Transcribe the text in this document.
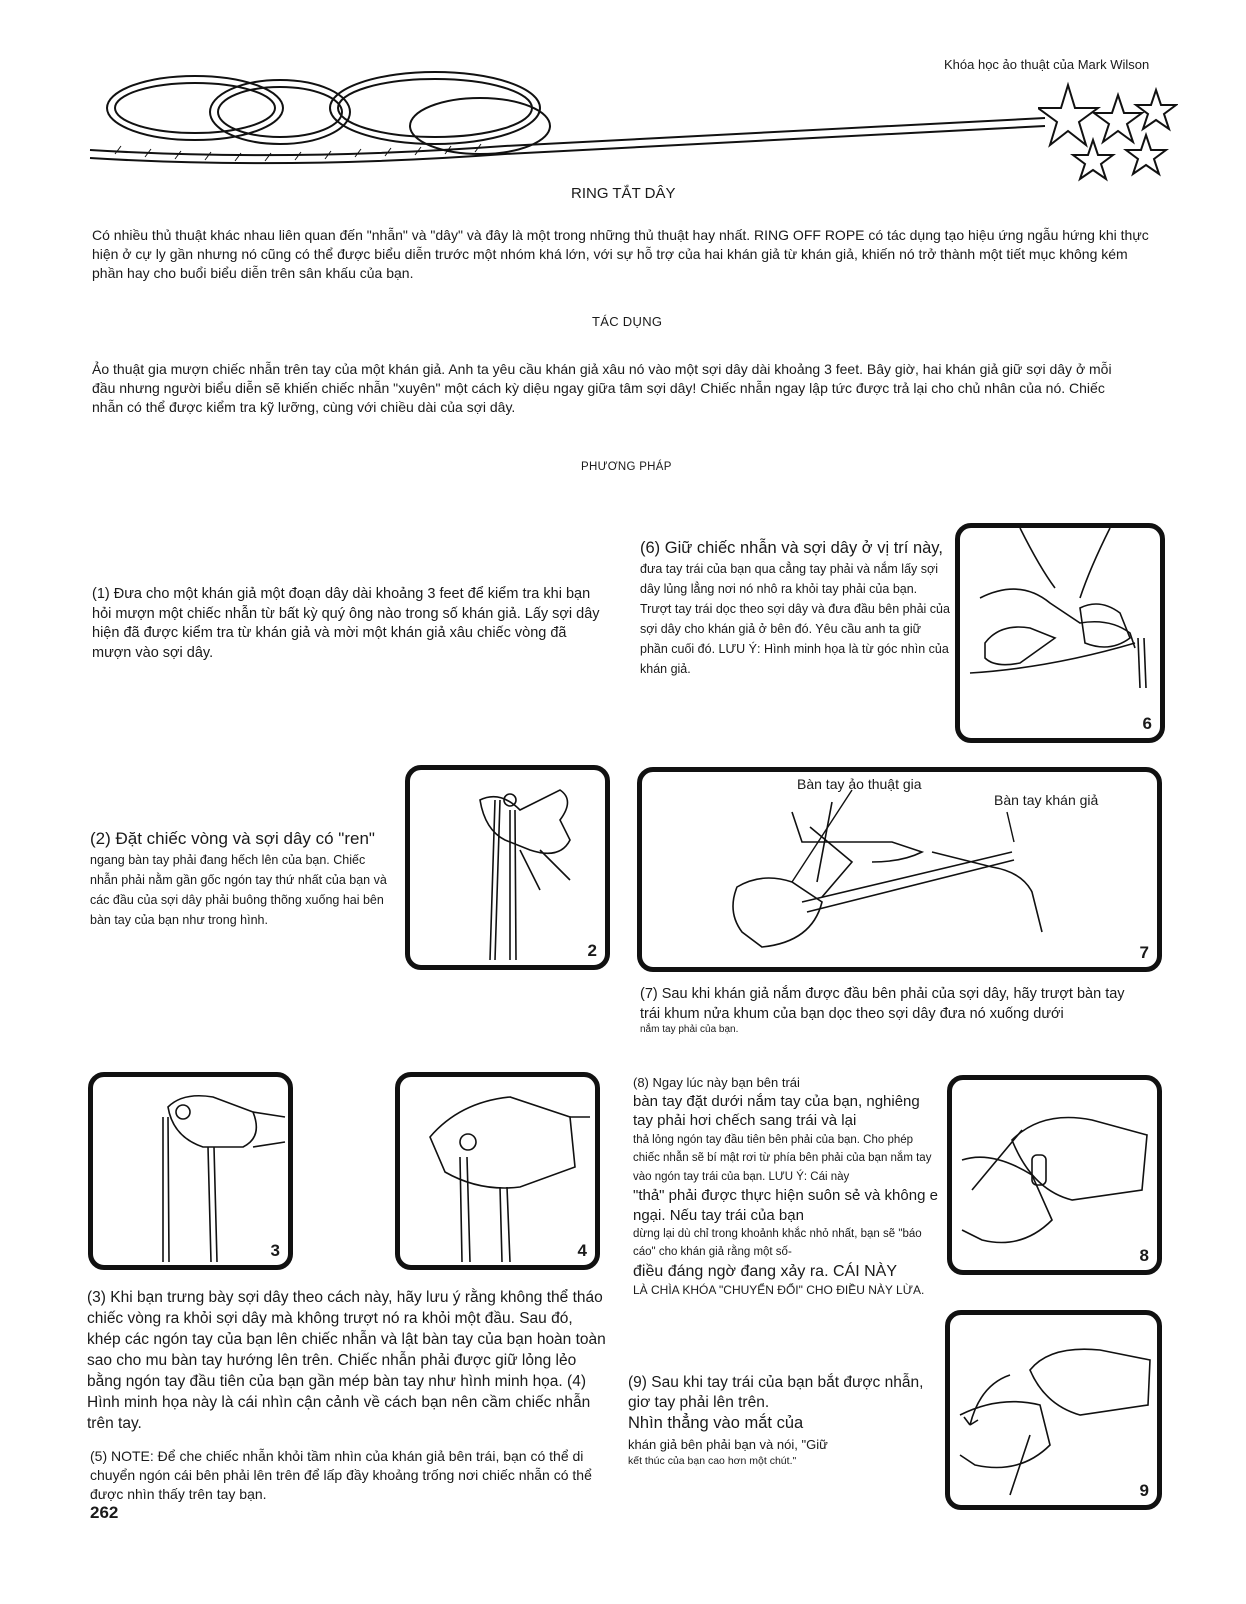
Khóa học ảo thuật của Mark Wilson
RING TẮT DÂY

Có nhiều thủ thuật khác nhau liên quan đến "nhẫn" và "dây" và đây là một trong những thủ thuật hay nhất. RING OFF ROPE có tác dụng tạo hiệu ứng ngẫu hứng khi thực hiện ở cự ly gần nhưng nó cũng có thể được biểu diễn trước một nhóm khá lớn, với sự hỗ trợ của hai khán giả từ khán giả, khiến nó trở thành một tiết mục không kém phần hay cho buổi biểu diễn trên sân khấu của bạn.

TÁC DỤNG

Ảo thuật gia mượn chiếc nhẫn trên tay của một khán giả. Anh ta yêu cầu khán giả xâu nó vào một sợi dây dài khoảng 3 feet. Bây giờ, hai khán giả giữ sợi dây ở mỗi đầu nhưng người biểu diễn sẽ khiến chiếc nhẫn "xuyên" một cách kỳ diệu ngay giữa tâm sợi dây! Chiếc nhẫn ngay lập tức được trả lại cho chủ nhân của nó. Chiếc nhẫn có thể được kiểm tra kỹ lưỡng, cùng với chiều dài của sợi dây.

PHƯƠNG PHÁP

(1) Đưa cho một khán giả một đoạn dây dài khoảng 3 feet để kiểm tra khi bạn hỏi mượn một chiếc nhẫn từ bất kỳ quý ông nào trong số khán giả. Lấy sợi dây hiện đã được kiểm tra từ khán giả và mời một khán giả xâu chiếc vòng đã mượn vào sợi dây.

(6) Giữ chiếc nhẫn và sợi dây ở vị trí này,
đưa tay trái của bạn qua cẳng tay phải và nắm lấy sợi dây lủng lẳng nơi nó nhô ra khỏi tay phải của bạn. Trượt tay trái dọc theo sợi dây và đưa đầu bên phải của sợi dây cho khán giả ở bên đó. Yêu cầu anh ta giữ phần cuối đó. LƯU Ý: Hình minh họa là từ góc nhìn của khán giả.
6
2
(2) Đặt chiếc vòng và sợi dây có "ren"
ngang bàn tay phải đang hếch lên của bạn. Chiếc nhẫn phải nằm gần gốc ngón tay thứ nhất của bạn và các đầu của sợi dây phải buông thõng xuống hai bên bàn tay của bạn như trong hình.
Bàn tay ảo thuật gia
Bàn tay khán giả
7
(7) Sau khi khán giả nắm được đầu bên phải của sợi dây, hãy trượt bàn tay trái khum nửa khum của bạn dọc theo sợi dây đưa nó xuống dưới
nắm tay phải của bạn.
3	4
(8) Ngay lúc này bạn bên trái
bàn tay đặt dưới nắm tay của bạn, nghiêng tay phải hơi chếch sang trái và lại
thả lỏng ngón tay đầu tiên bên phải của bạn. Cho phép chiếc nhẫn sẽ bí mật rơi từ phía bên phải của bạn nắm tay vào ngón tay trái của bạn. LƯU Ý: Cái này
"thả" phải được thực hiện suôn sẻ và không e ngại. Nếu tay trái của bạn
dừng lại dù chỉ trong khoảnh khắc nhỏ nhất, bạn sẽ "báo cáo" cho khán giả rằng một số-
điều đáng ngờ đang xảy ra. CÁI NÀY
LÀ CHÌA KHÓA "CHUYỂN ĐỔI" CHO ĐIỀU NÀY LỪA.
8

(3) Khi bạn trưng bày sợi dây theo cách này, hãy lưu ý rằng không thể tháo chiếc vòng ra khỏi sợi dây mà không trượt nó ra khỏi một đầu. Sau đó, khép các ngón tay của bạn lên chiếc nhẫn và lật bàn tay của bạn hoàn toàn sao cho mu bàn tay hướng lên trên. Chiếc nhẫn phải được giữ lỏng lẻo bằng ngón tay đầu tiên của bạn gần mép bàn tay như hình minh họa. (4) Hình minh họa này là cái nhìn cận cảnh về cách bạn nên cầm chiếc nhẫn trên tay.

(5) NOTE: Để che chiếc nhẫn khỏi tầm nhìn của khán giả bên trái, bạn có thể di chuyển ngón cái bên phải lên trên để lấp đầy khoảng trống nơi chiếc nhẫn có thể được nhìn thấy trên tay bạn.

(9) Sau khi tay trái của bạn bắt được nhẫn, giơ tay phải lên trên.
Nhìn thẳng vào mắt của
khán giả bên phải bạn và nói, "Giữ
kết thúc của bạn cao hơn một chút."
9
262
